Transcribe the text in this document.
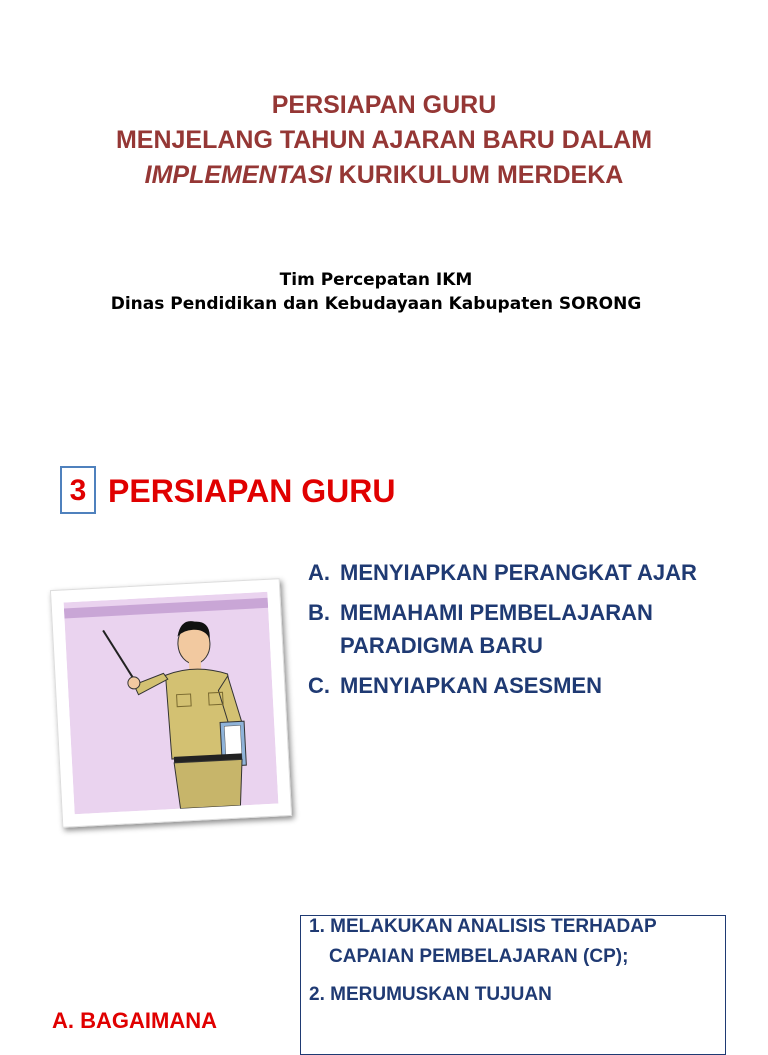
PERSIAPAN GURU
MENJELANG TAHUN AJARAN BARU DALAM
IMPLEMENTASI KURIKULUM MERDEKA
Tim Percepatan IKM
Dinas Pendidikan dan Kebudayaan Kabupaten SORONG
3 PERSIAPAN GURU
A. MENYIAPKAN PERANGKAT AJAR
B. MEMAHAMI PEMBELAJARAN PARADIGMA BARU
C. MENYIAPKAN ASESMEN
1. MELAKUKAN ANALISIS TERHADAP
CAPAIAN PEMBELAJARAN (CP);
2. MERUMUSKAN TUJUAN
A. BAGAIMANA
